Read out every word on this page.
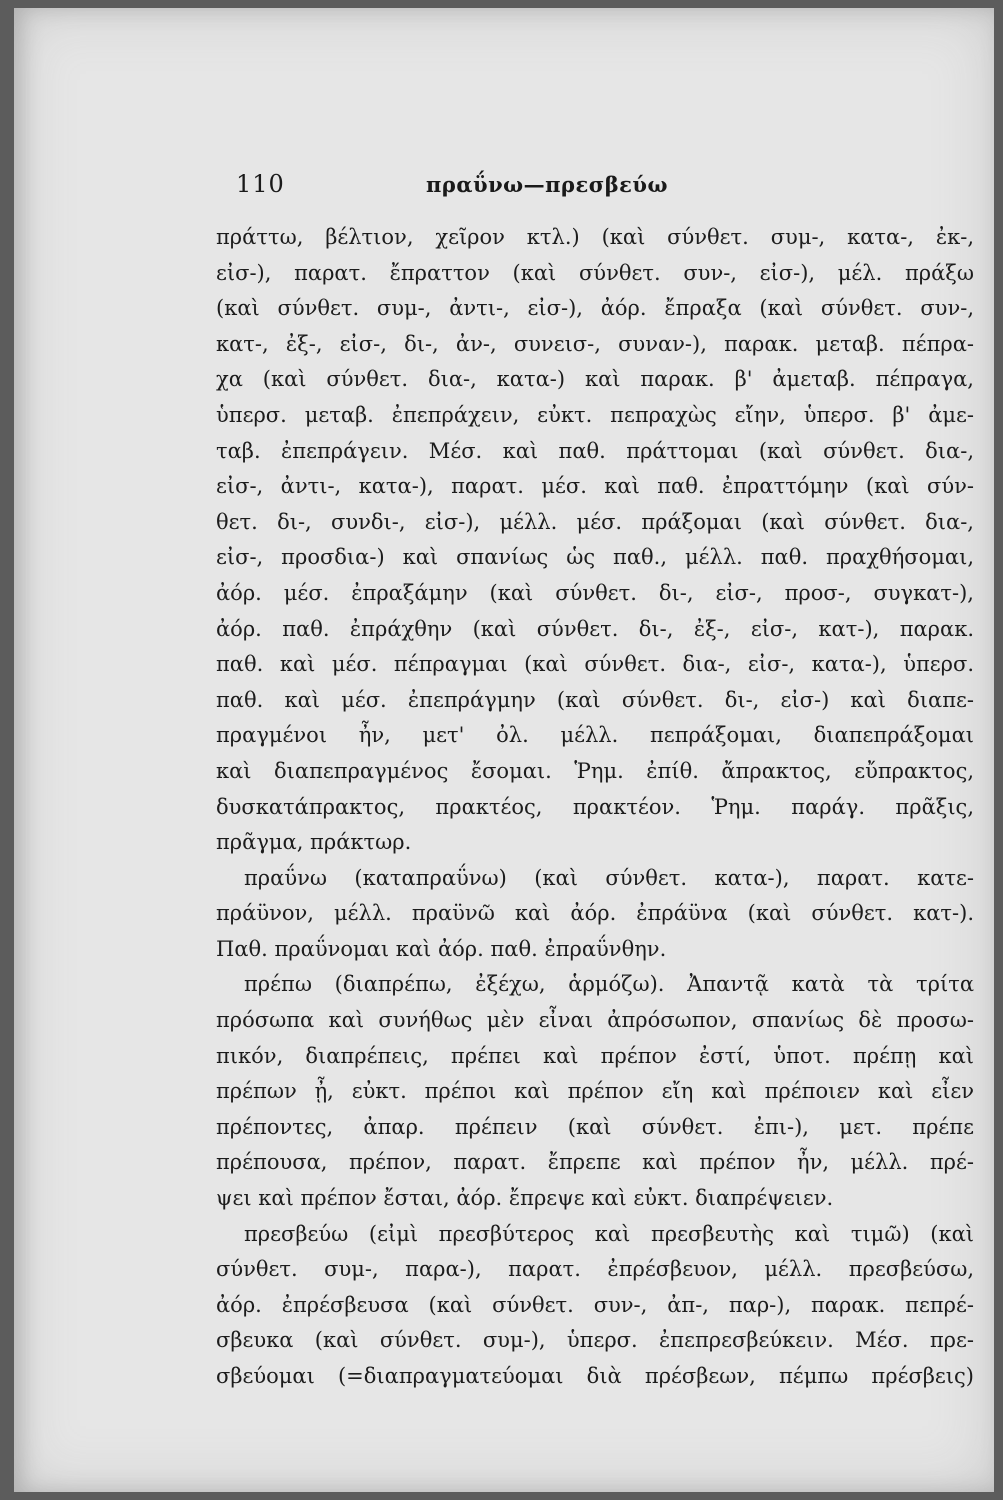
110	πραΰνω—πρεσβεύω
πράττω, βέλτιον, χεῖρον κτλ.) (καὶ σύνθετ. συμ-, κατα-, ἐκ-,
εἰσ-), παρατ. ἔπραττον (καὶ σύνθετ. συν-, εἰσ-), μέλ. πράξω
(καὶ σύνθετ. συμ-, ἀντι-, εἰσ-), ἀόρ. ἔπραξα (καὶ σύνθετ. συν-,
κατ-, ἐξ-, εἰσ-, δι-, ἀν-, συνεισ-, συναν-), παρακ. μεταβ. πέπρα-
χα (καὶ σύνθετ. δια-, κατα-) καὶ παρακ. β' ἀμεταβ. πέπραγα,
ὑπερσ. μεταβ. ἐπεπράχειν, εὐκτ. πεπραχὼς εἴην, ὑπερσ. β' ἀμε-
ταβ. ἐπεπράγειν. Μέσ. καὶ παθ. πράττομαι (καὶ σύνθετ. δια-,
εἰσ-, ἀντι-, κατα-), παρατ. μέσ. καὶ παθ. ἐπραττόμην (καὶ σύν-
θετ. δι-, συνδι-, εἰσ-), μέλλ. μέσ. πράξομαι (καὶ σύνθετ. δια-,
εἰσ-, προσδια-) καὶ σπανίως ὡς παθ., μέλλ. παθ. πραχθήσομαι,
ἀόρ. μέσ. ἐπραξάμην (καὶ σύνθετ. δι-, εἰσ-, προσ-, συγκατ-),
ἀόρ. παθ. ἐπράχθην (καὶ σύνθετ. δι-, ἐξ-, εἰσ-, κατ-), παρακ.
παθ. καὶ μέσ. πέπραγμαι (καὶ σύνθετ. δια-, εἰσ-, κατα-), ὑπερσ.
παθ. καὶ μέσ. ἐπεπράγμην (καὶ σύνθετ. δι-, εἰσ-) καὶ διαπε-
πραγμένοι ἦν, μετ' ὀλ. μέλλ. πεπράξομαι, διαπεπράξομαι
καὶ διαπεπραγμένος ἔσομαι. Ῥημ. ἐπίθ. ἄπρακτος, εὔπρακτος,
δυσκατάπρακτος, πρακτέος, πρακτέον. Ῥημ. παράγ. πρᾶξις,
πρᾶγμα, πράκτωρ.
πραΰνω (καταπραΰνω) (καὶ σύνθετ. κατα-), παρατ. κατε-
πράϋνον, μέλλ. πραϋνῶ καὶ ἀόρ. ἐπράϋνα (καὶ σύνθετ. κατ-).
Παθ. πραΰνομαι καὶ ἀόρ. παθ. ἐπραΰνθην.
πρέπω (διαπρέπω, ἐξέχω, ἁρμόζω). Ἀπαντᾷ κατὰ τὰ τρίτα
πρόσωπα καὶ συνήθως μὲν εἶναι ἀπρόσωπον, σπανίως δὲ προσω-
πικόν, διαπρέπεις, πρέπει καὶ πρέπον ἐστί, ὑποτ. πρέπῃ καὶ
πρέπων ᾖ, εὐκτ. πρέποι καὶ πρέπον εἴη καὶ πρέποιεν καὶ εἶεν
πρέποντες, ἀπαρ. πρέπειν (καὶ σύνθετ. ἐπι-), μετ. πρέπε
πρέπουσα, πρέπον, παρατ. ἔπρεπε καὶ πρέπον ἦν, μέλλ. πρέ-
ψει καὶ πρέπον ἔσται, ἀόρ. ἔπρεψε καὶ εὐκτ. διαπρέψειεν.
πρεσβεύω (εἰμὶ πρεσβύτερος καὶ πρεσβευτὴς καὶ τιμῶ) (καὶ
σύνθετ. συμ-, παρα-), παρατ. ἐπρέσβευον, μέλλ. πρεσβεύσω,
ἀόρ. ἐπρέσβευσα (καὶ σύνθετ. συν-, ἀπ-, παρ-), παρακ. πεπρέ-
σβευκα (καὶ σύνθετ. συμ-), ὑπερσ. ἐπεπρεσβεύκειν. Μέσ. πρε-
σβεύομαι (=διαπραγματεύομαι διὰ πρέσβεων, πέμπω πρέσβεις)
